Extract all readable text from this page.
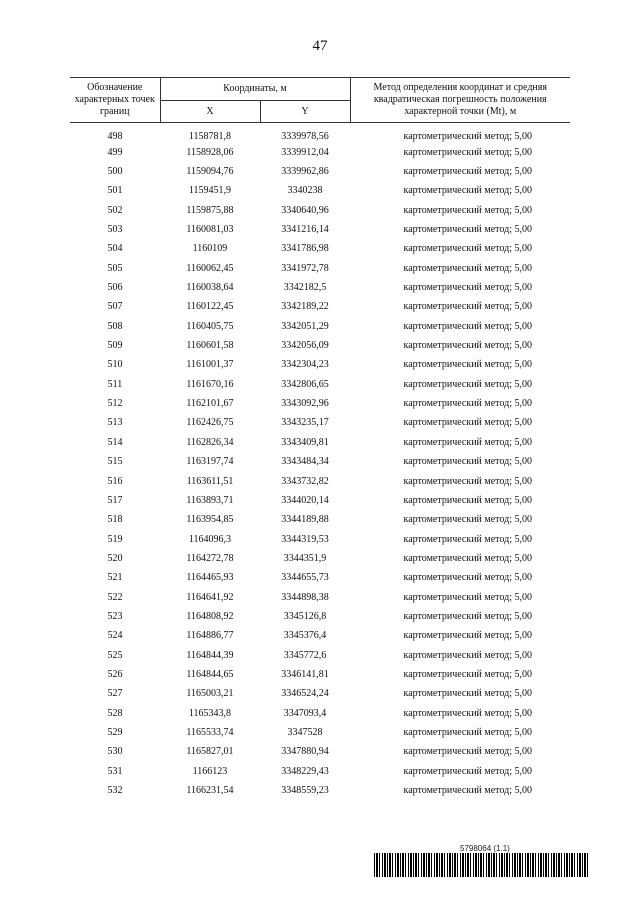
47
Обозначение характерных точек границ	Координаты, м		Метод определения координат и средняя квадратическая погрешность положения характерной точки (Mt), м
	X	Y	
498	1158781,8	3339978,56	картометрический метод; 5,00
499	1158928,06	3339912,04	картометрический метод; 5,00
500	1159094,76	3339962,86	картометрический метод; 5,00
501	1159451,9	3340238	картометрический метод; 5,00
502	1159875,88	3340640,96	картометрический метод; 5,00
503	1160081,03	3341216,14	картометрический метод; 5,00
504	1160109	3341786,98	картометрический метод; 5,00
505	1160062,45	3341972,78	картометрический метод; 5,00
506	1160038,64	3342182,5	картометрический метод; 5,00
507	1160122,45	3342189,22	картометрический метод; 5,00
508	1160405,75	3342051,29	картометрический метод; 5,00
509	1160601,58	3342056,09	картометрический метод; 5,00
510	1161001,37	3342304,23	картометрический метод; 5,00
511	1161670,16	3342806,65	картометрический метод; 5,00
512	1162101,67	3343092,96	картометрический метод; 5,00
513	1162426,75	3343235,17	картометрический метод; 5,00
514	1162826,34	3343409,81	картометрический метод; 5,00
515	1163197,74	3343484,34	картометрический метод; 5,00
516	1163611,51	3343732,82	картометрический метод; 5,00
517	1163893,71	3344020,14	картометрический метод; 5,00
518	1163954,85	3344189,88	картометрический метод; 5,00
519	1164096,3	3344319,53	картометрический метод; 5,00
520	1164272,78	3344351,9	картометрический метод; 5,00
521	1164465,93	3344655,73	картометрический метод; 5,00
522	1164641,92	3344898,38	картометрический метод; 5,00
523	1164808,92	3345126,8	картометрический метод; 5,00
524	1164886,77	3345376,4	картометрический метод; 5,00
525	1164844,39	3345772,6	картометрический метод; 5,00
526	1164844,65	3346141,81	картометрический метод; 5,00
527	1165003,21	3346524,24	картометрический метод; 5,00
528	1165343,8	3347093,4	картометрический метод; 5,00
529	1165533,74	3347528	картометрический метод; 5,00
530	1165827,01	3347880,94	картометрический метод; 5,00
531	1166123	3348229,43	картометрический метод; 5,00
532	1166231,54	3348559,23	картометрический метод; 5,00
5798064 (1.1)
